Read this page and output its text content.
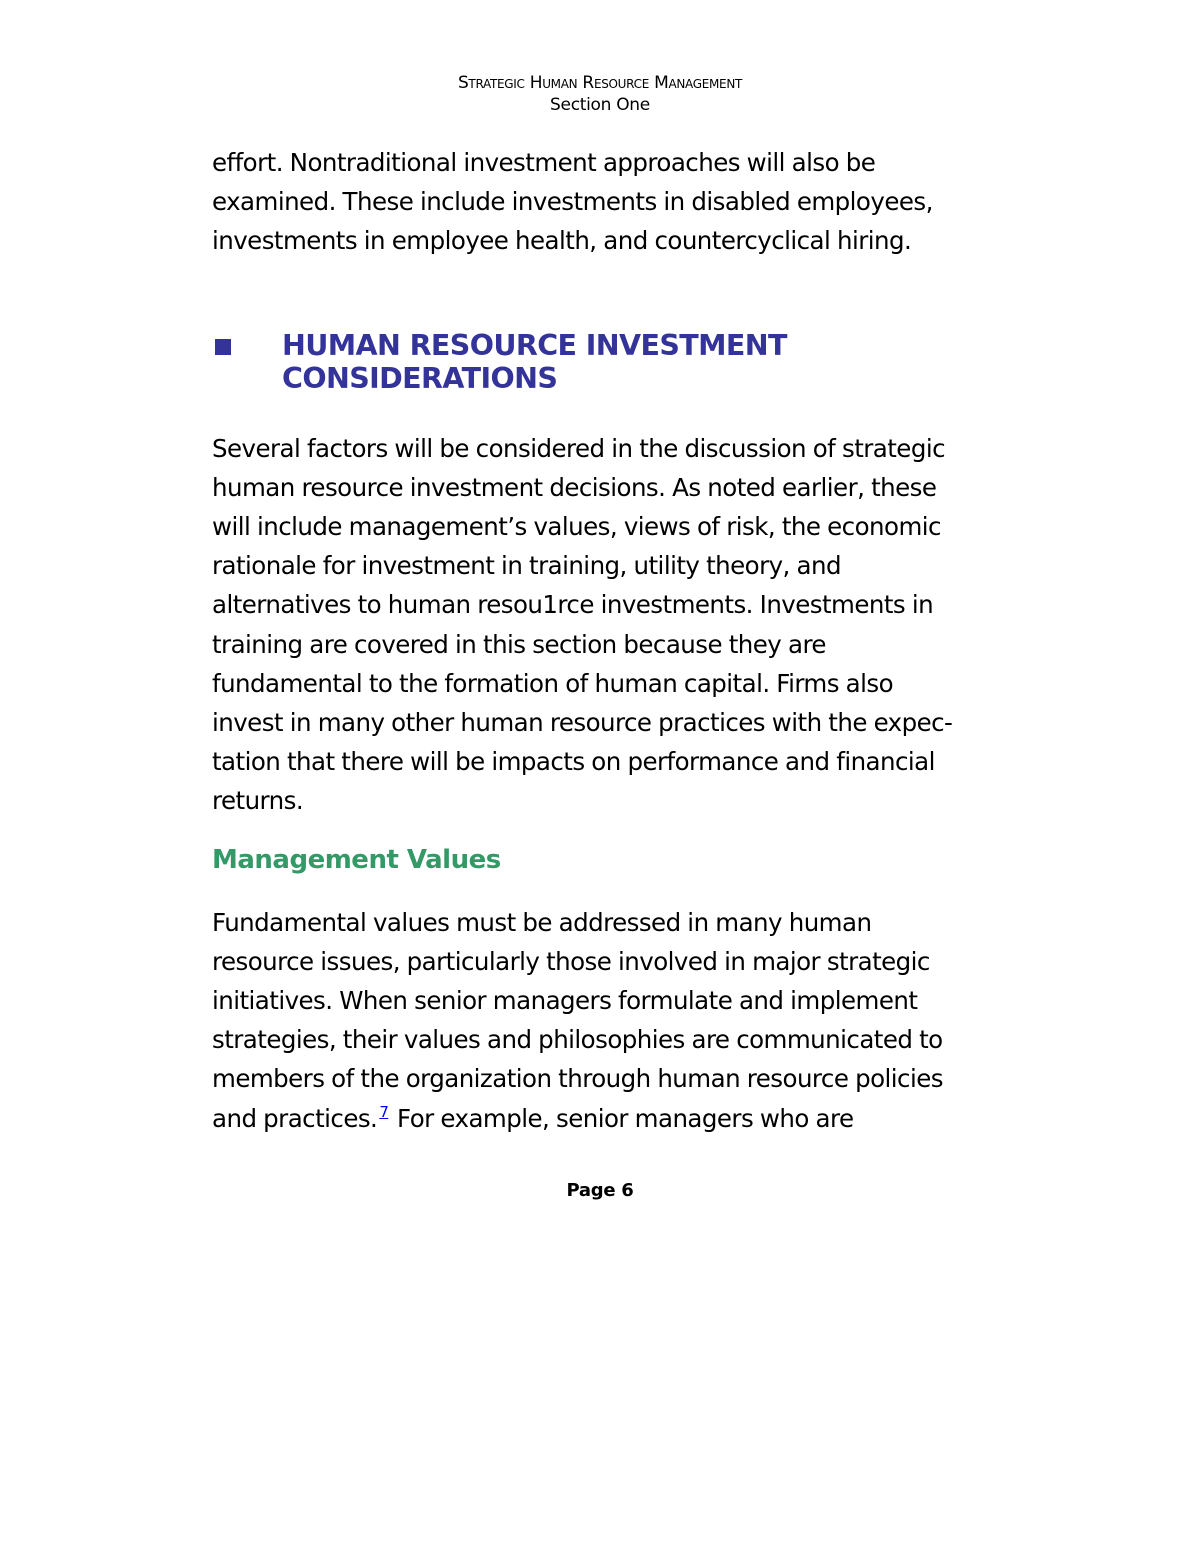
Strategic Human Resource Management
Section One

effort. Nontraditional investment approaches will also be
examined. These include investments in disabled employees,
investments in employee health, and countercyclical hiring.

HUMAN RESOURCE INVESTMENT
CONSIDERATIONS

Several factors will be considered in the discussion of strategic
human resource investment decisions. As noted earlier, these
will include management’s values, views of risk, the economic
rationale for investment in training, utility theory, and
alternatives to human resou1rce investments. Investments in
training are covered in this section because they are
fundamental to the formation of human capital. Firms also
invest in many other human resource practices with the expec-
tation that there will be impacts on performance and financial
returns.

Management Values

Fundamental values must be addressed in many human
resource issues, particularly those involved in major strategic
initiatives. When senior managers formulate and implement
strategies, their values and philosophies are communicated to
members of the organization through human resource policies
and practices. $^7$ For example, senior managers who are

Page 6
